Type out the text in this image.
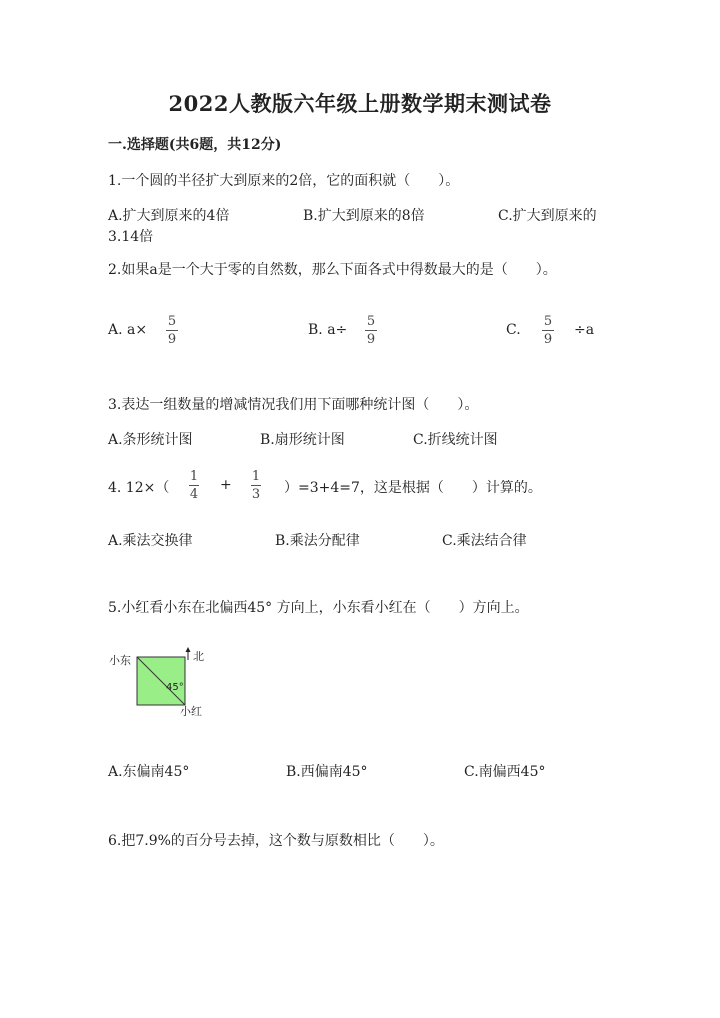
2022人教版六年级上册数学期末测试卷
一.选择题(共6题，共12分)
1.一个圆的半径扩大到原来的2倍，它的面积就（　　）。
A.扩大到原来的4倍	B.扩大到原来的8倍	C.扩大到原来的
3.14倍
2.如果a是一个大于零的自然数，那么下面各式中得数最大的是（　　）。
A. a×
5
9
B. a÷
5
9
C.
5
9
÷a
3.表达一组数量的增减情况我们用下面哪种统计图（　　）。
A.条形统计图	B.扇形统计图	C.折线统计图
4. 12×（
1
4
+
1
3 ）=3+4=7，这是根据（　　）计算的。
A.乘法交换律	B.乘法分配律	C.乘法结合律
5.小红看小东在北偏西45° 方向上，小东看小红在（　　）方向上。
小东	北
45°
小红
A.东偏南45°	B.西偏南45°	C.南偏西45°
6.把7.9%的百分号去掉，这个数与原数相比（　　）。
